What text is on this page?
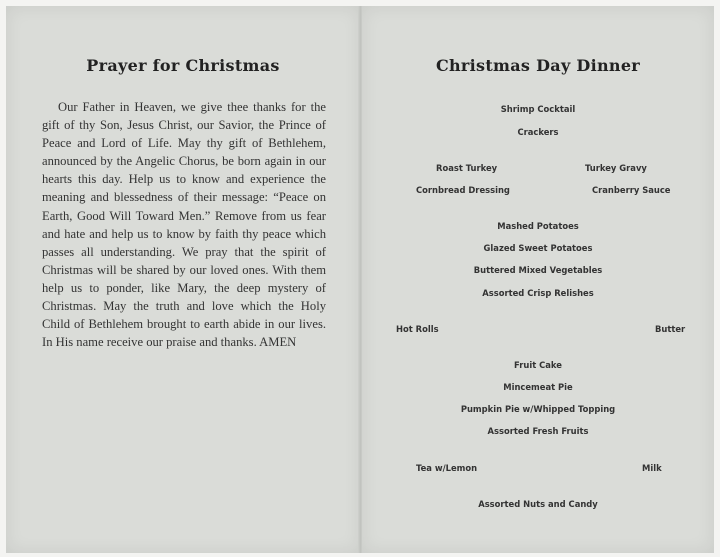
Prayer for Christmas

Our Father in Heaven, we give thee thanks for the gift of thy Son, Jesus Christ, our Savior, the Prince of Peace and Lord of Life. May thy gift of Bethlehem, announced by the Angelic Chorus, be born again in our hearts this day. Help us to know and experience the meaning and blessedness of their message: “Peace on Earth, Good Will Toward Men.” Remove from us fear and hate and help us to know by faith thy peace which passes all understanding. We pray that the spirit of Christmas will be shared by our loved ones. With them help us to ponder, like Mary, the deep mystery of Christmas. May the truth and love which the Holy Child of Bethlehem brought to earth abide in our lives. In His name receive our praise and thanks. AMEN

Christmas Day Dinner
Shrimp Cocktail
Crackers
Roast Turkey	Turkey Gravy
Cornbread Dressing	Cranberry Sauce
Mashed Potatoes
Glazed Sweet Potatoes
Buttered Mixed Vegetables
Assorted Crisp Relishes
Hot Rolls	Butter
Fruit Cake
Mincemeat Pie
Pumpkin Pie w/Whipped Topping
Assorted Fresh Fruits
Tea w/Lemon	Milk
Assorted Nuts and Candy
